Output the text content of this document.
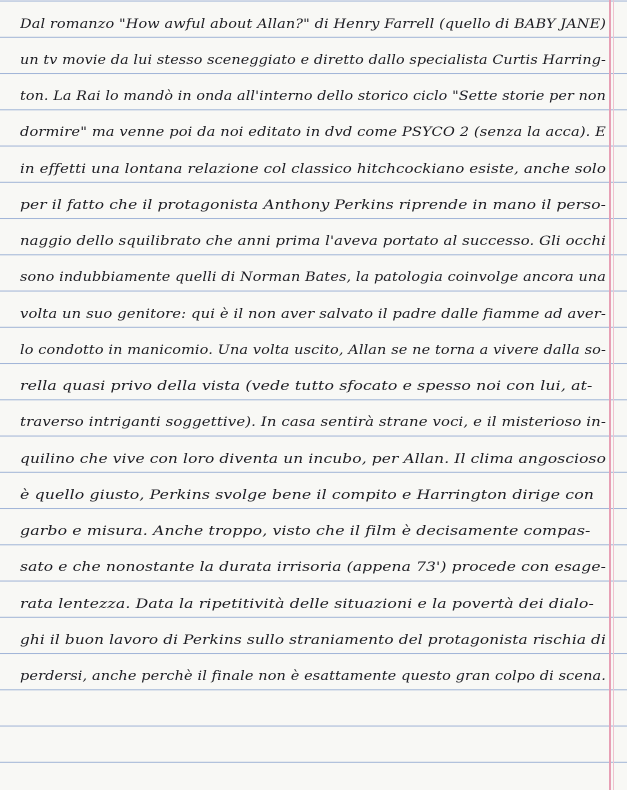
Dal romanzo "How awful about Allan?" di Henry Farrell (quello di BABY JANE)
un tv movie da lui stesso sceneggiato e diretto dallo specialista Curtis Harring-
ton. La Rai lo mandò in onda all'interno dello storico ciclo "Sette storie per non
dormire" ma venne poi da noi editato in dvd come PSYCO 2 (senza la acca). E
in effetti una lontana relazione col classico hitchcockiano esiste, anche solo
per il fatto che il protagonista Anthony Perkins riprende in mano il perso-
naggio dello squilibrato che anni prima l'aveva portato al successo. Gli occhi
sono indubbiamente quelli di Norman Bates, la patologia coinvolge ancora una
volta un suo genitore: qui è il non aver salvato il padre dalle fiamme ad aver-
lo condotto in manicomio. Una volta uscito, Allan se ne torna a vivere dalla so-
rella quasi privo della vista (vede tutto sfocato e spesso noi con lui, at-
traverso intriganti soggettive). In casa sentirà strane voci, e il misterioso in-
quilino che vive con loro diventa un incubo, per Allan. Il clima angoscioso
è quello giusto, Perkins svolge bene il compito e Harrington dirige con
garbo e misura. Anche troppo, visto che il film è decisamente compas-
sato e che nonostante la durata irrisoria (appena 73') procede con esage-
rata lentezza. Data la ripetitività delle situazioni e la povertà dei dialo-
ghi il buon lavoro di Perkins sullo straniamento del protagonista rischia di
perdersi, anche perchè il finale non è esattamente questo gran colpo di scena.
